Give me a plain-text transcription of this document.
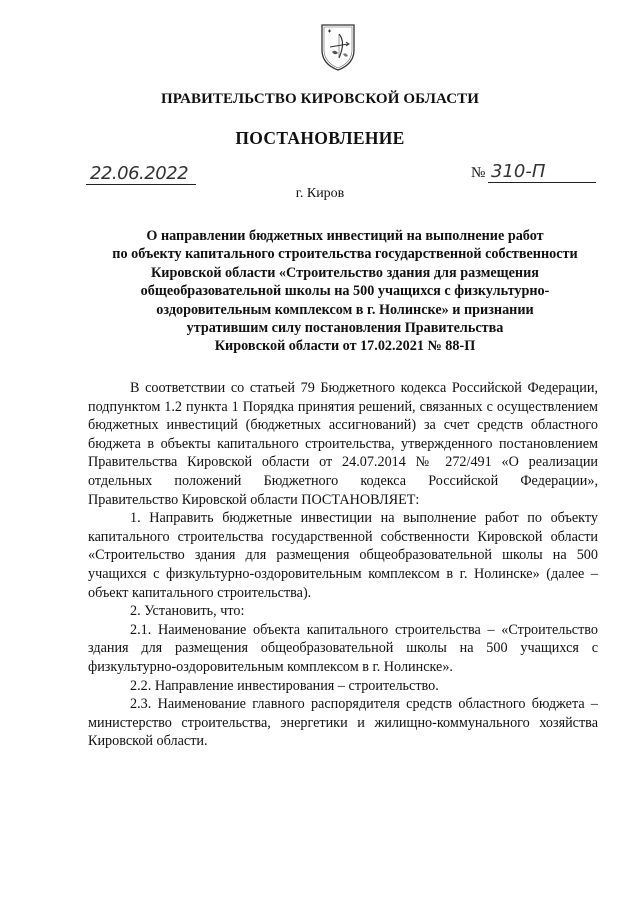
ПРАВИТЕЛЬСТВО КИРОВСКОЙ ОБЛАСТИ
ПОСТАНОВЛЕНИЕ
22.06.2022	№ 310-П
г. Киров
О направлении бюджетных инвестиций на выполнение работ
по объекту капитального строительства государственной собственности
Кировской области «Строительство здания для размещения
общеобразовательной школы на 500 учащихся с физкультурно-
оздоровительным комплексом в г. Нолинске» и признании
утратившим силу постановления Правительства
Кировской области от 17.02.2021 № 88-П

В соответствии со статьей 79 Бюджетного кодекса Российской Федерации, подпунктом 1.2 пункта 1 Порядка принятия решений, связанных с осуществлением бюджетных инвестиций (бюджетных ассигнований) за счет средств областного бюджета в объекты капитального строительства, утвержденного постановлением Правительства Кировской области от 24.07.2014 № 272/491 «О реализации отдельных положений Бюджетного кодекса Российской Федерации», Правительство Кировской области ПОСТАНОВЛЯЕТ:

1. Направить бюджетные инвестиции на выполнение работ по объекту капитального строительства государственной собственности Кировской области «Строительство здания для размещения общеобразовательной школы на 500 учащихся с физкультурно-оздоровительным комплексом в г. Нолинске» (далее – объект капитального строительства).

2. Установить, что:

2.1. Наименование объекта капитального строительства – «Строительство здания для размещения общеобразовательной школы на 500 учащихся с физкультурно-оздоровительным комплексом в г. Нолинске».

2.2. Направление инвестирования – строительство.

2.3. Наименование главного распорядителя средств областного бюджета – министерство строительства, энергетики и жилищно-коммунального хозяйства Кировской области.
